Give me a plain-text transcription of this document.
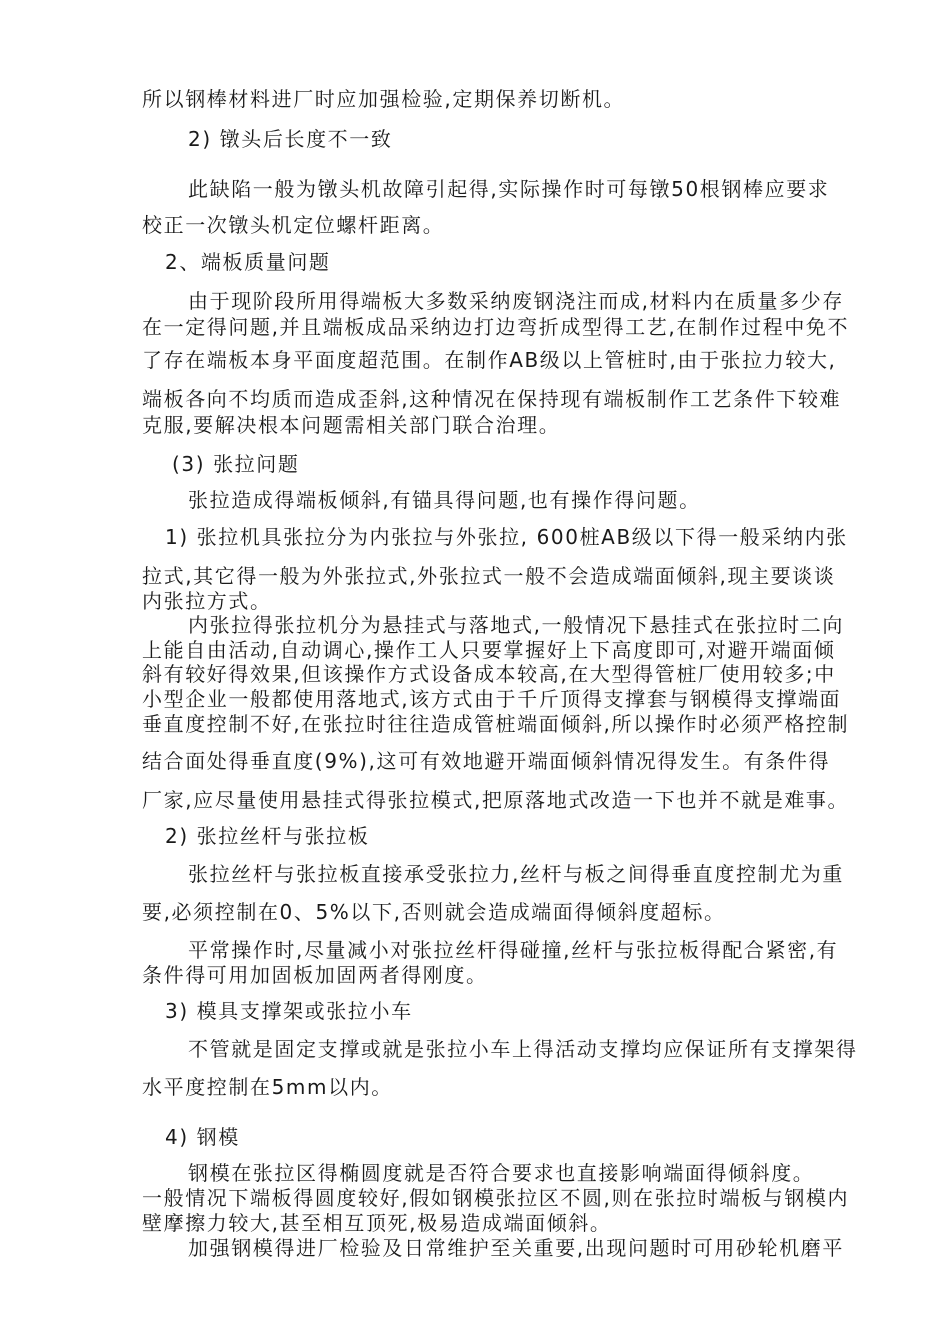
所以钢棒材料进厂时应加强检验,定期保养切断机。
2) 镦头后长度不一致
此缺陷一般为镦头机故障引起得,实际操作时可每镦50根钢棒应要求
校正一次镦头机定位螺杆距离。
2、端板质量问题
由于现阶段所用得端板大多数采纳废钢浇注而成,材料内在质量多少存
在一定得问题,并且端板成品采纳边打边弯折成型得工艺,在制作过程中免不
了存在端板本身平面度超范围。在制作AB级以上管桩时,由于张拉力较大,
端板各向不均质而造成歪斜,这种情况在保持现有端板制作工艺条件下较难
克服,要解决根本问题需相关部门联合治理。
(3) 张拉问题
张拉造成得端板倾斜,有锚具得问题,也有操作得问题。
1) 张拉机具张拉分为内张拉与外张拉, 600桩AB级以下得一般采纳内张
拉式,其它得一般为外张拉式,外张拉式一般不会造成端面倾斜,现主要谈谈
内张拉方式。
内张拉得张拉机分为悬挂式与落地式,一般情况下悬挂式在张拉时二向
上能自由活动,自动调心,操作工人只要掌握好上下高度即可,对避开端面倾
斜有较好得效果,但该操作方式设备成本较高,在大型得管桩厂使用较多;中
小型企业一般都使用落地式,该方式由于千斤顶得支撑套与钢模得支撑端面
垂直度控制不好,在张拉时往往造成管桩端面倾斜,所以操作时必须严格控制
结合面处得垂直度(9%),这可有效地避开端面倾斜情况得发生。有条件得
厂家,应尽量使用悬挂式得张拉模式,把原落地式改造一下也并不就是难事。
2) 张拉丝杆与张拉板
张拉丝杆与张拉板直接承受张拉力,丝杆与板之间得垂直度控制尤为重
要,必须控制在0、5%以下,否则就会造成端面得倾斜度超标。
平常操作时,尽量减小对张拉丝杆得碰撞,丝杆与张拉板得配合紧密,有
条件得可用加固板加固两者得刚度。
3) 模具支撑架或张拉小车
不管就是固定支撑或就是张拉小车上得活动支撑均应保证所有支撑架得
水平度控制在5mm以内。
4) 钢模
钢模在张拉区得椭圆度就是否符合要求也直接影响端面得倾斜度。
一般情况下端板得圆度较好,假如钢模张拉区不圆,则在张拉时端板与钢模内
壁摩擦力较大,甚至相互顶死,极易造成端面倾斜。
加强钢模得进厂检验及日常维护至关重要,出现问题时可用砂轮机磨平
